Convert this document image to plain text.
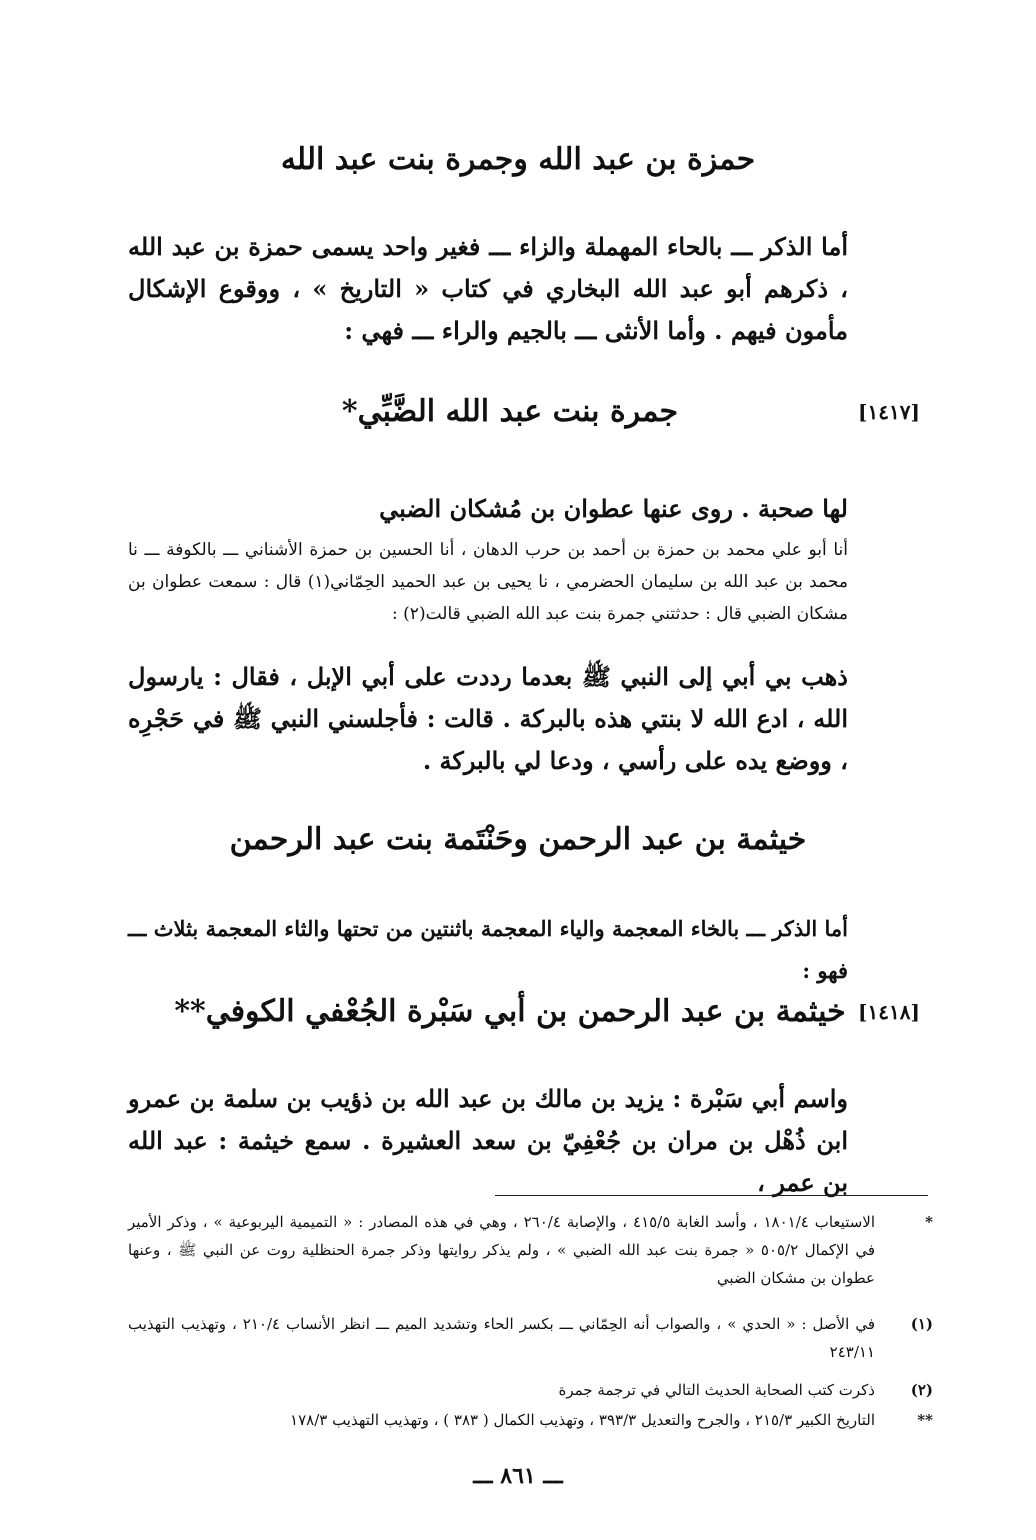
حمزة بن عبد الله وجمرة بنت عبد الله
أما الذكر ـــ بالحاء المهملة والزاء ـــ فغير واحد يسمى حمزة بن عبد الله ، ذكرهم أبو عبد الله البخاري في كتاب « التاريخ » ، ووقوع الإشكال مأمون فيهم . وأما الأنثى ـــ بالجيم والراء ـــ فهي :
[١٤١٧]
جمرة بنت عبد الله الضَّبِّي*
لها صحبة . روى عنها عطوان بن مُشكان الضبي
أنا أبو علي محمد بن حمزة بن أحمد بن حرب الدهان ، أنا الحسين بن حمزة الأشناني ـــ بالكوفة ـــ نا محمد بن عبد الله بن سليمان الحضرمي ، نا يحيى بن عبد الحميد الحِمّاني(١) قال : سمعت عطوان بن مشكان الضبي قال : حدثتني جمرة بنت عبد الله الضبي قالت(٢) :
ذهب بي أبي إلى النبي ﷺ بعدما رددت على أبي الإبل ، فقال : يارسول الله ، ادع الله لا بنتي هذه بالبركة . قالت : فأجلسني النبي ﷺ في حَجْرِه ، ووضع يده على رأسي ، ودعا لي بالبركة .
خيثمة بن عبد الرحمن وحَنْتَمة بنت عبد الرحمن
أما الذكر ـــ بالخاء المعجمة والياء المعجمة باثنتين من تحتها والثاء المعجمة بثلاث ـــ فهو :
[١٤١٨]
خيثمة بن عبد الرحمن بن أبي سَبْرة الجُعْفي الكوفي**
واسم أبي سَبْرة : يزيد بن مالك بن عبد الله بن ذؤيب بن سلمة بن عمرو ابن ذُهْل بن مران بن جُعْفِيّ بن سعد العشيرة . سمع خيثمة : عبد الله بن عمر ،
*
الاستيعاب ١٨٠١/٤ ، وأسد الغابة ٤١٥/٥ ، والإصابة ٢٦٠/٤ ، وهي في هذه المصادر : « التميمية اليربوعية » ، وذكر الأمير في الإكمال ٥٠٥/٢ « جمرة بنت عبد الله الضبي » ، ولم يذكر روايتها وذكر جمرة الحنظلية روت عن النبي ﷺ ، وعنها عطوان بن مشكان الضبي
(١)
في الأصل : « الحدي » ، والصواب أنه الحِمّاني ـــ بكسر الحاء وتشديد الميم ـــ انظر الأنساب ٢١٠/٤ ، وتهذيب التهذيب ٢٤٣/١١
(٢)
ذكرت كتب الصحابة الحديث التالي في ترجمة جمرة
**
التاريخ الكبير ٢١٥/٣ ، والجرح والتعديل ٣٩٣/٣ ، وتهذيب الكمال ( ٣٨٣ ) ، وتهذيب التهذيب ١٧٨/٣
ـــ ٨٦١ ـــ
